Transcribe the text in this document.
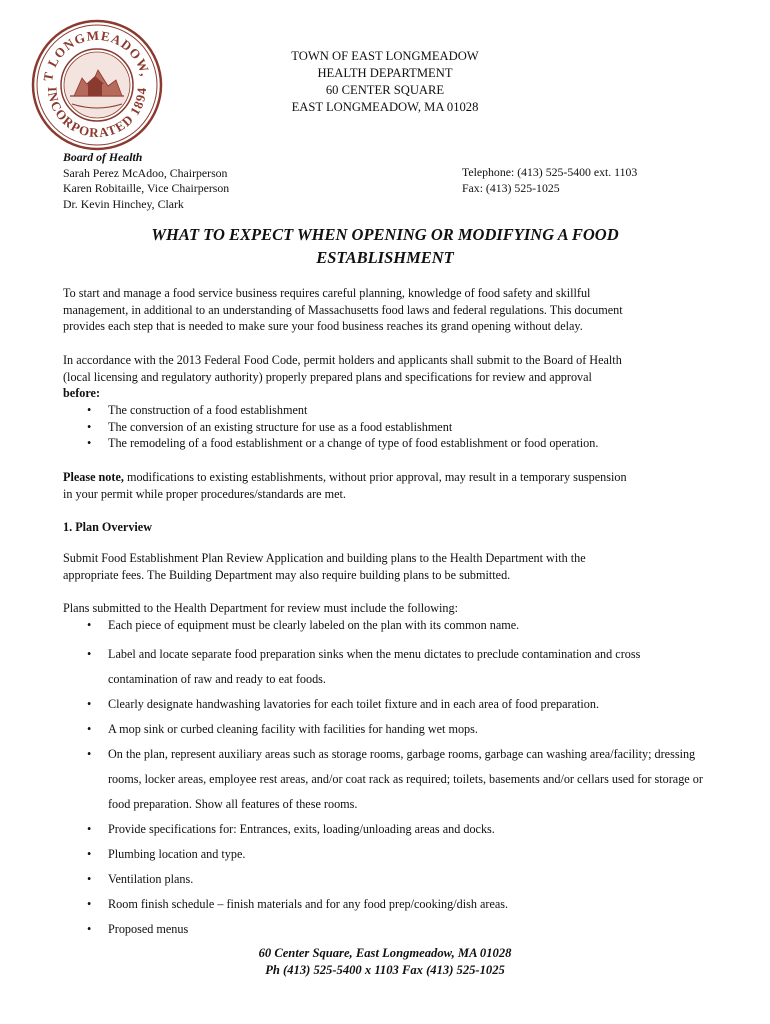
T LONGMEADOW,
INCORPORATED 1894
TOWN OF EAST LONGMEADOW
HEALTH DEPARTMENT
60 CENTER SQUARE
EAST LONGMEADOW, MA 01028
Board of Health
Sarah Perez McAdoo, Chairperson
Karen Robitaille, Vice Chairperson
Dr. Kevin Hinchey, Clark
Telephone: (413) 525-5400 ext. 1103
Fax: (413) 525-1025
WHAT TO EXPECT WHEN OPENING OR MODIFYING A FOOD
ESTABLISHMENT
To start and manage a food service business requires careful planning, knowledge of food safety and skillful
management, in additional to an understanding of Massachusetts food laws and federal regulations. This document
provides each step that is needed to make sure your food business reaches its grand opening without delay.
In accordance with the 2013 Federal Food Code, permit holders and applicants shall submit to the Board of Health
(local licensing and regulatory authority) properly prepared plans and specifications for review and approval
before:
• The construction of a food establishment
• The conversion of an existing structure for use as a food establishment
• The remodeling of a food establishment or a change of type of food establishment or food operation.
Please note, modifications to existing establishments, without prior approval, may result in a temporary suspension
in your permit while proper procedures/standards are met.
1. Plan Overview
Submit Food Establishment Plan Review Application and building plans to the Health Department with the
appropriate fees. The Building Department may also require building plans to be submitted.
Plans submitted to the Health Department for review must include the following:
• Each piece of equipment must be clearly labeled on the plan with its common name.
• Label and locate separate food preparation sinks when the menu dictates to preclude contamination and cross contamination of raw and ready to eat foods.
• Clearly designate handwashing lavatories for each toilet fixture and in each area of food preparation.
• A mop sink or curbed cleaning facility with facilities for handing wet mops.
• On the plan, represent auxiliary areas such as storage rooms, garbage rooms, garbage can washing area/facility; dressing rooms, locker areas, employee rest areas, and/or coat rack as required; toilets, basements and/or cellars used for storage or food preparation. Show all features of these rooms.
• Provide specifications for: Entrances, exits, loading/unloading areas and docks.
• Plumbing location and type.
• Ventilation plans.
• Room finish schedule – finish materials and for any food prep/cooking/dish areas.
• Proposed menus
60 Center Square, East Longmeadow, MA 01028
Ph (413) 525-5400 x 1103 Fax (413) 525-1025
